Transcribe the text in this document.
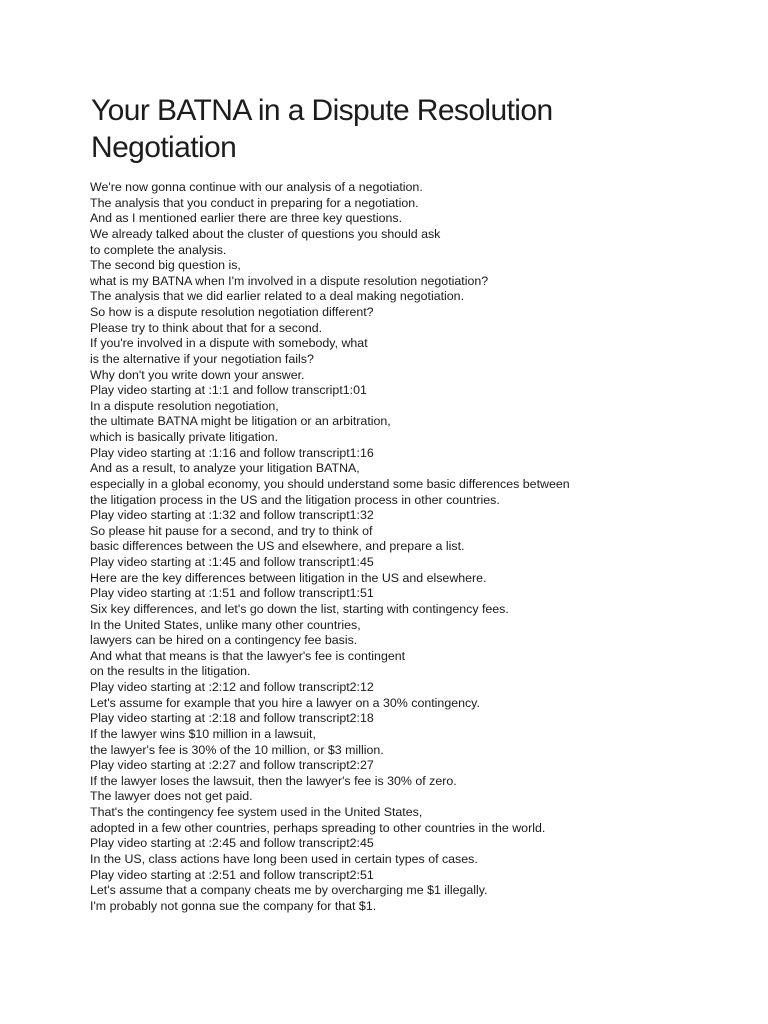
Your BATNA in a Dispute Resolution Negotiation
We're now gonna continue with our analysis of a negotiation.
The analysis that you conduct in preparing for a negotiation.
And as I mentioned earlier there are three key questions.
We already talked about the cluster of questions you should ask
to complete the analysis.
The second big question is,
what is my BATNA when I'm involved in a dispute resolution negotiation?
The analysis that we did earlier related to a deal making negotiation.
So how is a dispute resolution negotiation different?
Please try to think about that for a second.
If you're involved in a dispute with somebody, what
is the alternative if your negotiation fails?
Why don't you write down your answer.
Play video starting at :1:1 and follow transcript1:01
In a dispute resolution negotiation,
the ultimate BATNA might be litigation or an arbitration,
which is basically private litigation.
Play video starting at :1:16 and follow transcript1:16
And as a result, to analyze your litigation BATNA,
especially in a global economy, you should understand some basic differences between
the litigation process in the US and the litigation process in other countries.
Play video starting at :1:32 and follow transcript1:32
So please hit pause for a second, and try to think of
basic differences between the US and elsewhere, and prepare a list.
Play video starting at :1:45 and follow transcript1:45
Here are the key differences between litigation in the US and elsewhere.
Play video starting at :1:51 and follow transcript1:51
Six key differences, and let's go down the list, starting with contingency fees.
In the United States, unlike many other countries,
lawyers can be hired on a contingency fee basis.
And what that means is that the lawyer's fee is contingent
on the results in the litigation.
Play video starting at :2:12 and follow transcript2:12
Let's assume for example that you hire a lawyer on a 30% contingency.
Play video starting at :2:18 and follow transcript2:18
If the lawyer wins $10 million in a lawsuit,
the lawyer's fee is 30% of the 10 million, or $3 million.
Play video starting at :2:27 and follow transcript2:27
If the lawyer loses the lawsuit, then the lawyer's fee is 30% of zero.
The lawyer does not get paid.
That's the contingency fee system used in the United States,
adopted in a few other countries, perhaps spreading to other countries in the world.
Play video starting at :2:45 and follow transcript2:45
In the US, class actions have long been used in certain types of cases.
Play video starting at :2:51 and follow transcript2:51
Let's assume that a company cheats me by overcharging me $1 illegally.
I'm probably not gonna sue the company for that $1.
